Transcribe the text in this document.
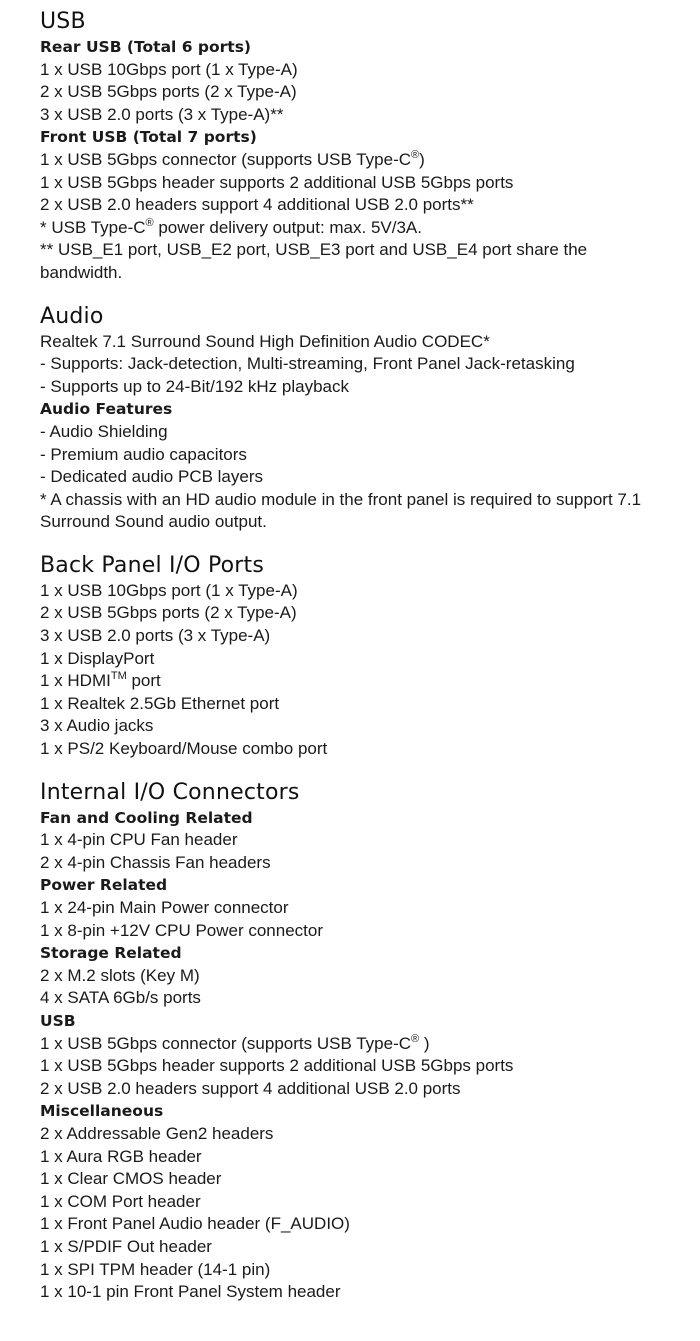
USB

Rear USB (Total 6 ports)

1 x USB 10Gbps port (1 x Type-A)

2 x USB 5Gbps ports (2 x Type-A)

3 x USB 2.0 ports (3 x Type-A)**

Front USB (Total 7 ports)

1 x USB 5Gbps connector (supports USB Type-C®)

1 x USB 5Gbps header supports 2 additional USB 5Gbps ports

2 x USB 2.0 headers support 4 additional USB 2.0 ports**

* USB Type-C® power delivery output: max. 5V/3A.

** USB_E1 port, USB_E2 port, USB_E3 port and USB_E4 port share the bandwidth.

Audio

Realtek 7.1 Surround Sound High Definition Audio CODEC*

- Supports: Jack-detection, Multi-streaming, Front Panel Jack-retasking

- Supports up to 24-Bit/192 kHz playback

Audio Features

- Audio Shielding

- Premium audio capacitors

- Dedicated audio PCB layers

* A chassis with an HD audio module in the front panel is required to support 7.1 Surround Sound audio output.

Back Panel I/O Ports

1 x USB 10Gbps port (1 x Type-A)

2 x USB 5Gbps ports (2 x Type-A)

3 x USB 2.0 ports (3 x Type-A)

1 x DisplayPort

1 x HDMI™ port

1 x Realtek 2.5Gb Ethernet port

3 x Audio jacks

1 x PS/2 Keyboard/Mouse combo port

Internal I/O Connectors

Fan and Cooling Related

1 x 4-pin CPU Fan header

2 x 4-pin Chassis Fan headers

Power Related

1 x 24-pin Main Power connector

1 x 8-pin +12V CPU Power connector

Storage Related

2 x M.2 slots (Key M)

4 x SATA 6Gb/s ports

USB

1 x USB 5Gbps connector (supports USB Type-C® )

1 x USB 5Gbps header supports 2 additional USB 5Gbps ports

2 x USB 2.0 headers support 4 additional USB 2.0 ports

Miscellaneous

2 x Addressable Gen2 headers

1 x Aura RGB header

1 x Clear CMOS header

1 x COM Port header

1 x Front Panel Audio header (F_AUDIO)

1 x S/PDIF Out header

1 x SPI TPM header (14-1 pin)

1 x 10-1 pin Front Panel System header
